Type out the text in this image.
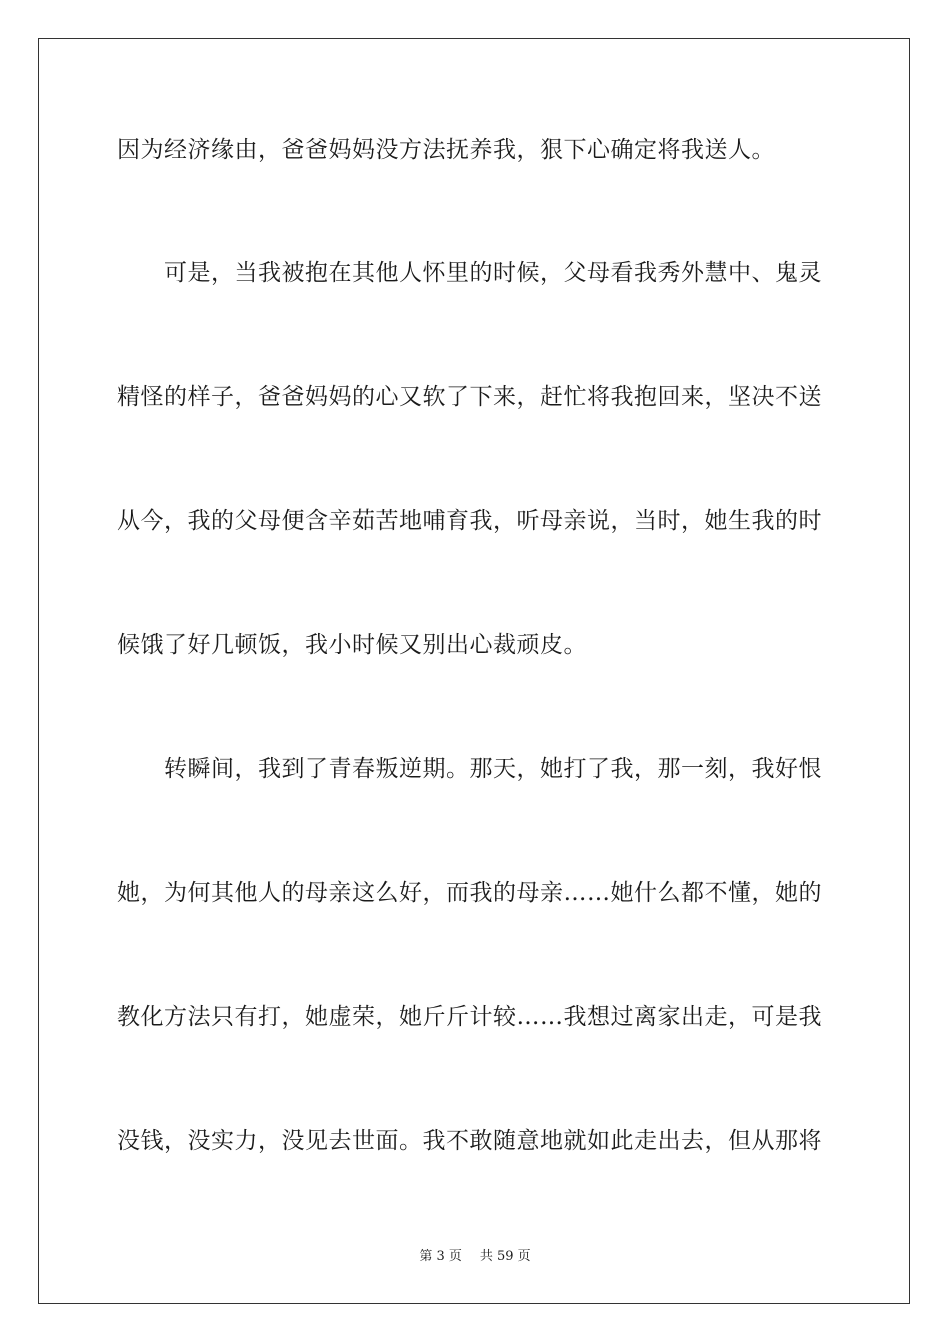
因为经济缘由，爸爸妈妈没方法抚养我，狠下心确定将我送人。
可是，当我被抱在其他人怀里的时候，父母看我秀外慧中、鬼灵
精怪的样子，爸爸妈妈的心又软了下来，赶忙将我抱回来，坚决不送
从今，我的父母便含辛茹苦地哺育我，听母亲说，当时，她生我的时
候饿了好几顿饭，我小时候又别出心裁顽皮。
转瞬间，我到了青春叛逆期。那天，她打了我，那一刻，我好恨
她，为何其他人的母亲这么好，而我的母亲……她什么都不懂，她的
教化方法只有打，她虚荣，她斤斤计较……我想过离家出走，可是我
没钱，没实力，没见去世面。我不敢随意地就如此走出去，但从那将
第 3 页 共 59 页
